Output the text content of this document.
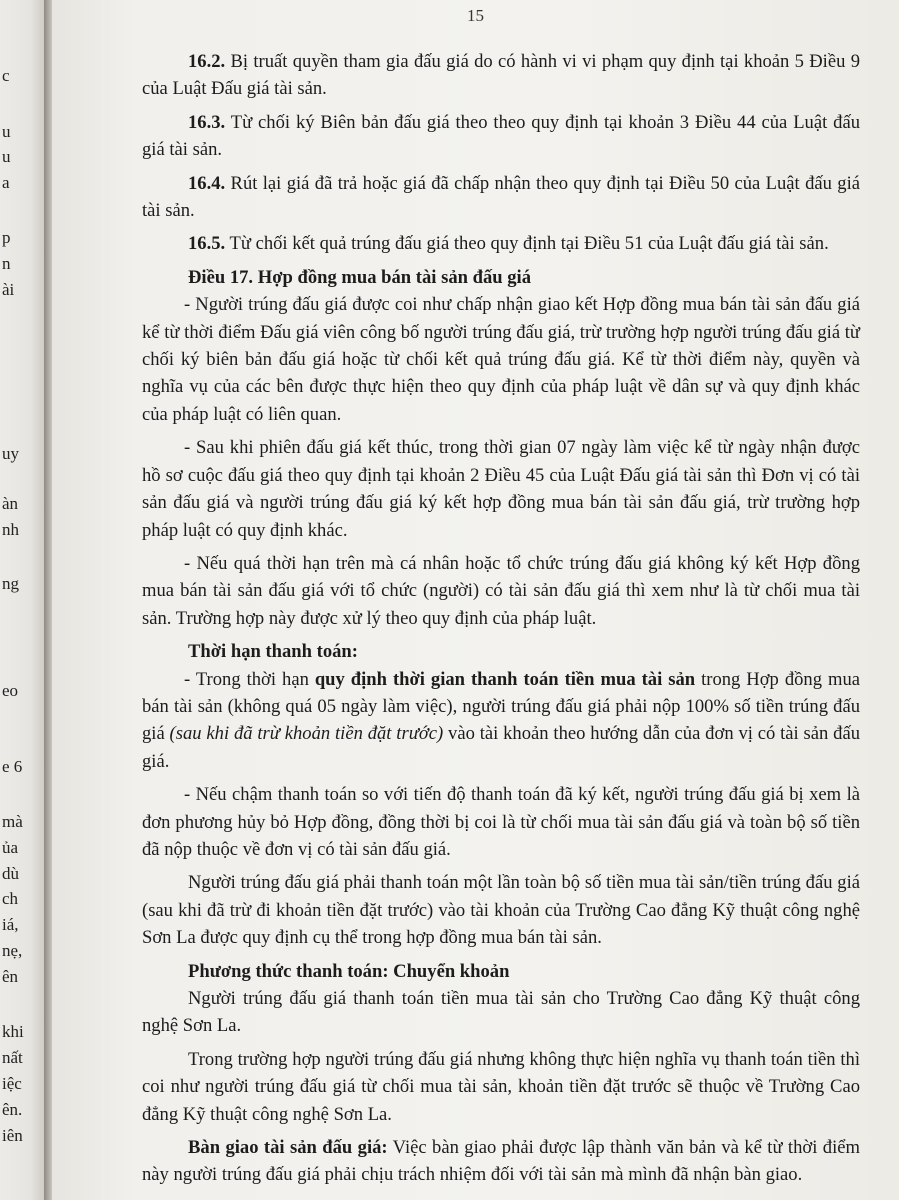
c
u
u
a
p
n
ài
uy
àn
nh
ng
eo
e 6
mà
ủa
dù
ch
iá,
nẹ,
ên
khi
nất
iệc
ên.
iên
15

16.2. Bị truất quyền tham gia đấu giá do có hành vi vi phạm quy định tại khoản 5 Điều 9 của Luật Đấu giá tài sản.

16.3. Từ chối ký Biên bản đấu giá theo theo quy định tại khoản 3 Điều 44 của Luật đấu giá tài sản.

16.4. Rút lại giá đã trả hoặc giá đã chấp nhận theo quy định tại Điều 50 của Luật đấu giá tài sản.

16.5. Từ chối kết quả trúng đấu giá theo quy định tại Điều 51 của Luật đấu giá tài sản.

Điều 17. Hợp đồng mua bán tài sản đấu giá

- Người trúng đấu giá được coi như chấp nhận giao kết Hợp đồng mua bán tài sản đấu giá kể từ thời điểm Đấu giá viên công bố người trúng đấu giá, trừ trường hợp người trúng đấu giá từ chối ký biên bản đấu giá hoặc từ chối kết quả trúng đấu giá. Kể từ thời điểm này, quyền và nghĩa vụ của các bên được thực hiện theo quy định của pháp luật về dân sự và quy định khác của pháp luật có liên quan.

- Sau khi phiên đấu giá kết thúc, trong thời gian 07 ngày làm việc kể từ ngày nhận được hồ sơ cuộc đấu giá theo quy định tại khoản 2 Điều 45 của Luật Đấu giá tài sản thì Đơn vị có tài sản đấu giá và người trúng đấu giá ký kết hợp đồng mua bán tài sản đấu giá, trừ trường hợp pháp luật có quy định khác.

- Nếu quá thời hạn trên mà cá nhân hoặc tổ chức trúng đấu giá không ký kết Hợp đồng mua bán tài sản đấu giá với tổ chức (người) có tài sản đấu giá thì xem như là từ chối mua tài sản. Trường hợp này được xử lý theo quy định của pháp luật.

Thời hạn thanh toán:

- Trong thời hạn quy định thời gian thanh toán tiền mua tài sản trong Hợp đồng mua bán tài sản (không quá 05 ngày làm việc), người trúng đấu giá phải nộp 100% số tiền trúng đấu giá (sau khi đã trừ khoản tiền đặt trước) vào tài khoản theo hướng dẫn của đơn vị có tài sản đấu giá.

- Nếu chậm thanh toán so với tiến độ thanh toán đã ký kết, người trúng đấu giá bị xem là đơn phương hủy bỏ Hợp đồng, đồng thời bị coi là từ chối mua tài sản đấu giá và toàn bộ số tiền đã nộp thuộc về đơn vị có tài sản đấu giá.

Người trúng đấu giá phải thanh toán một lần toàn bộ số tiền mua tài sản/tiền trúng đấu giá (sau khi đã trừ đi khoản tiền đặt trước) vào tài khoản của Trường Cao đẳng Kỹ thuật công nghệ Sơn La được quy định cụ thể trong hợp đồng mua bán tài sản.

Phương thức thanh toán: Chuyển khoản

Người trúng đấu giá thanh toán tiền mua tài sản cho Trường Cao đẳng Kỹ thuật công nghệ Sơn La.

Trong trường hợp người trúng đấu giá nhưng không thực hiện nghĩa vụ thanh toán tiền thì coi như người trúng đấu giá từ chối mua tài sản, khoản tiền đặt trước sẽ thuộc về Trường Cao đẳng Kỹ thuật công nghệ Sơn La.

Bàn giao tài sản đấu giá: Việc bàn giao phải được lập thành văn bản và kể từ thời điểm này người trúng đấu giá phải chịu trách nhiệm đối với tài sản mà mình đã nhận bàn giao.
